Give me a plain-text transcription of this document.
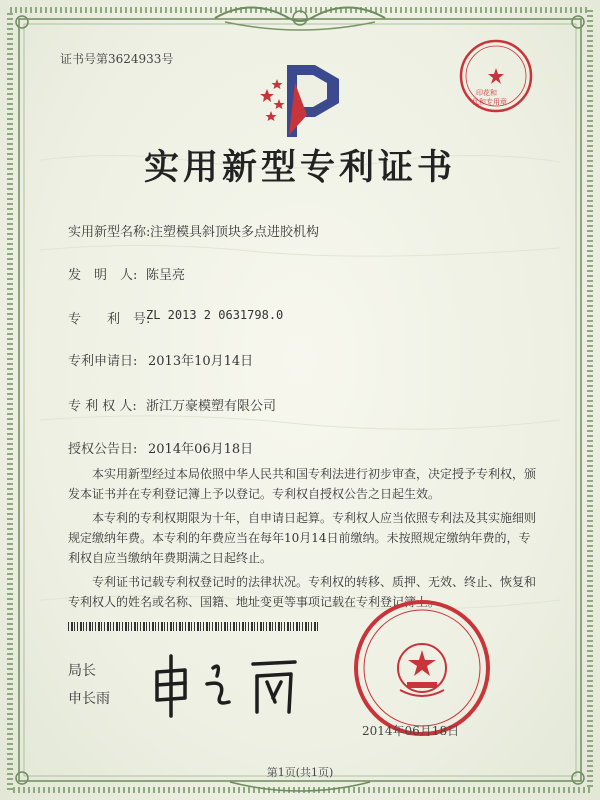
证书号第3624933号
印花和
代和专用章
实用新型专利证书
实用新型名称: 注塑模具斜顶块多点进胶机构
发　明　人: 陈呈亮
专　　利　号:
ZL 2013 2 0631798.0
专利申请日: 2013年10月14日
专 利 权 人: 浙江万豪模塑有限公司
授权公告日: 2014年06月18日
本实用新型经过本局依照中华人民共和国专利法进行初步审查，决定授予专利权，颁发本证书并在专利登记簿上予以登记。专利权自授权公告之日起生效。
本专利的专利权期限为十年，自申请日起算。专利权人应当依照专利法及其实施细则规定缴纳年费。本专利的年费应当在每年10月14日前缴纳。未按照规定缴纳年费的，专利权自应当缴纳年费期满之日起终止。
专利证书记载专利权登记时的法律状况。专利权的转移、质押、无效、终止、恢复和专利权人的姓名或名称、国籍、地址变更等事项记载在专利登记簿上。
局长
申长雨
2014年06月18日
第1页(共1页)
